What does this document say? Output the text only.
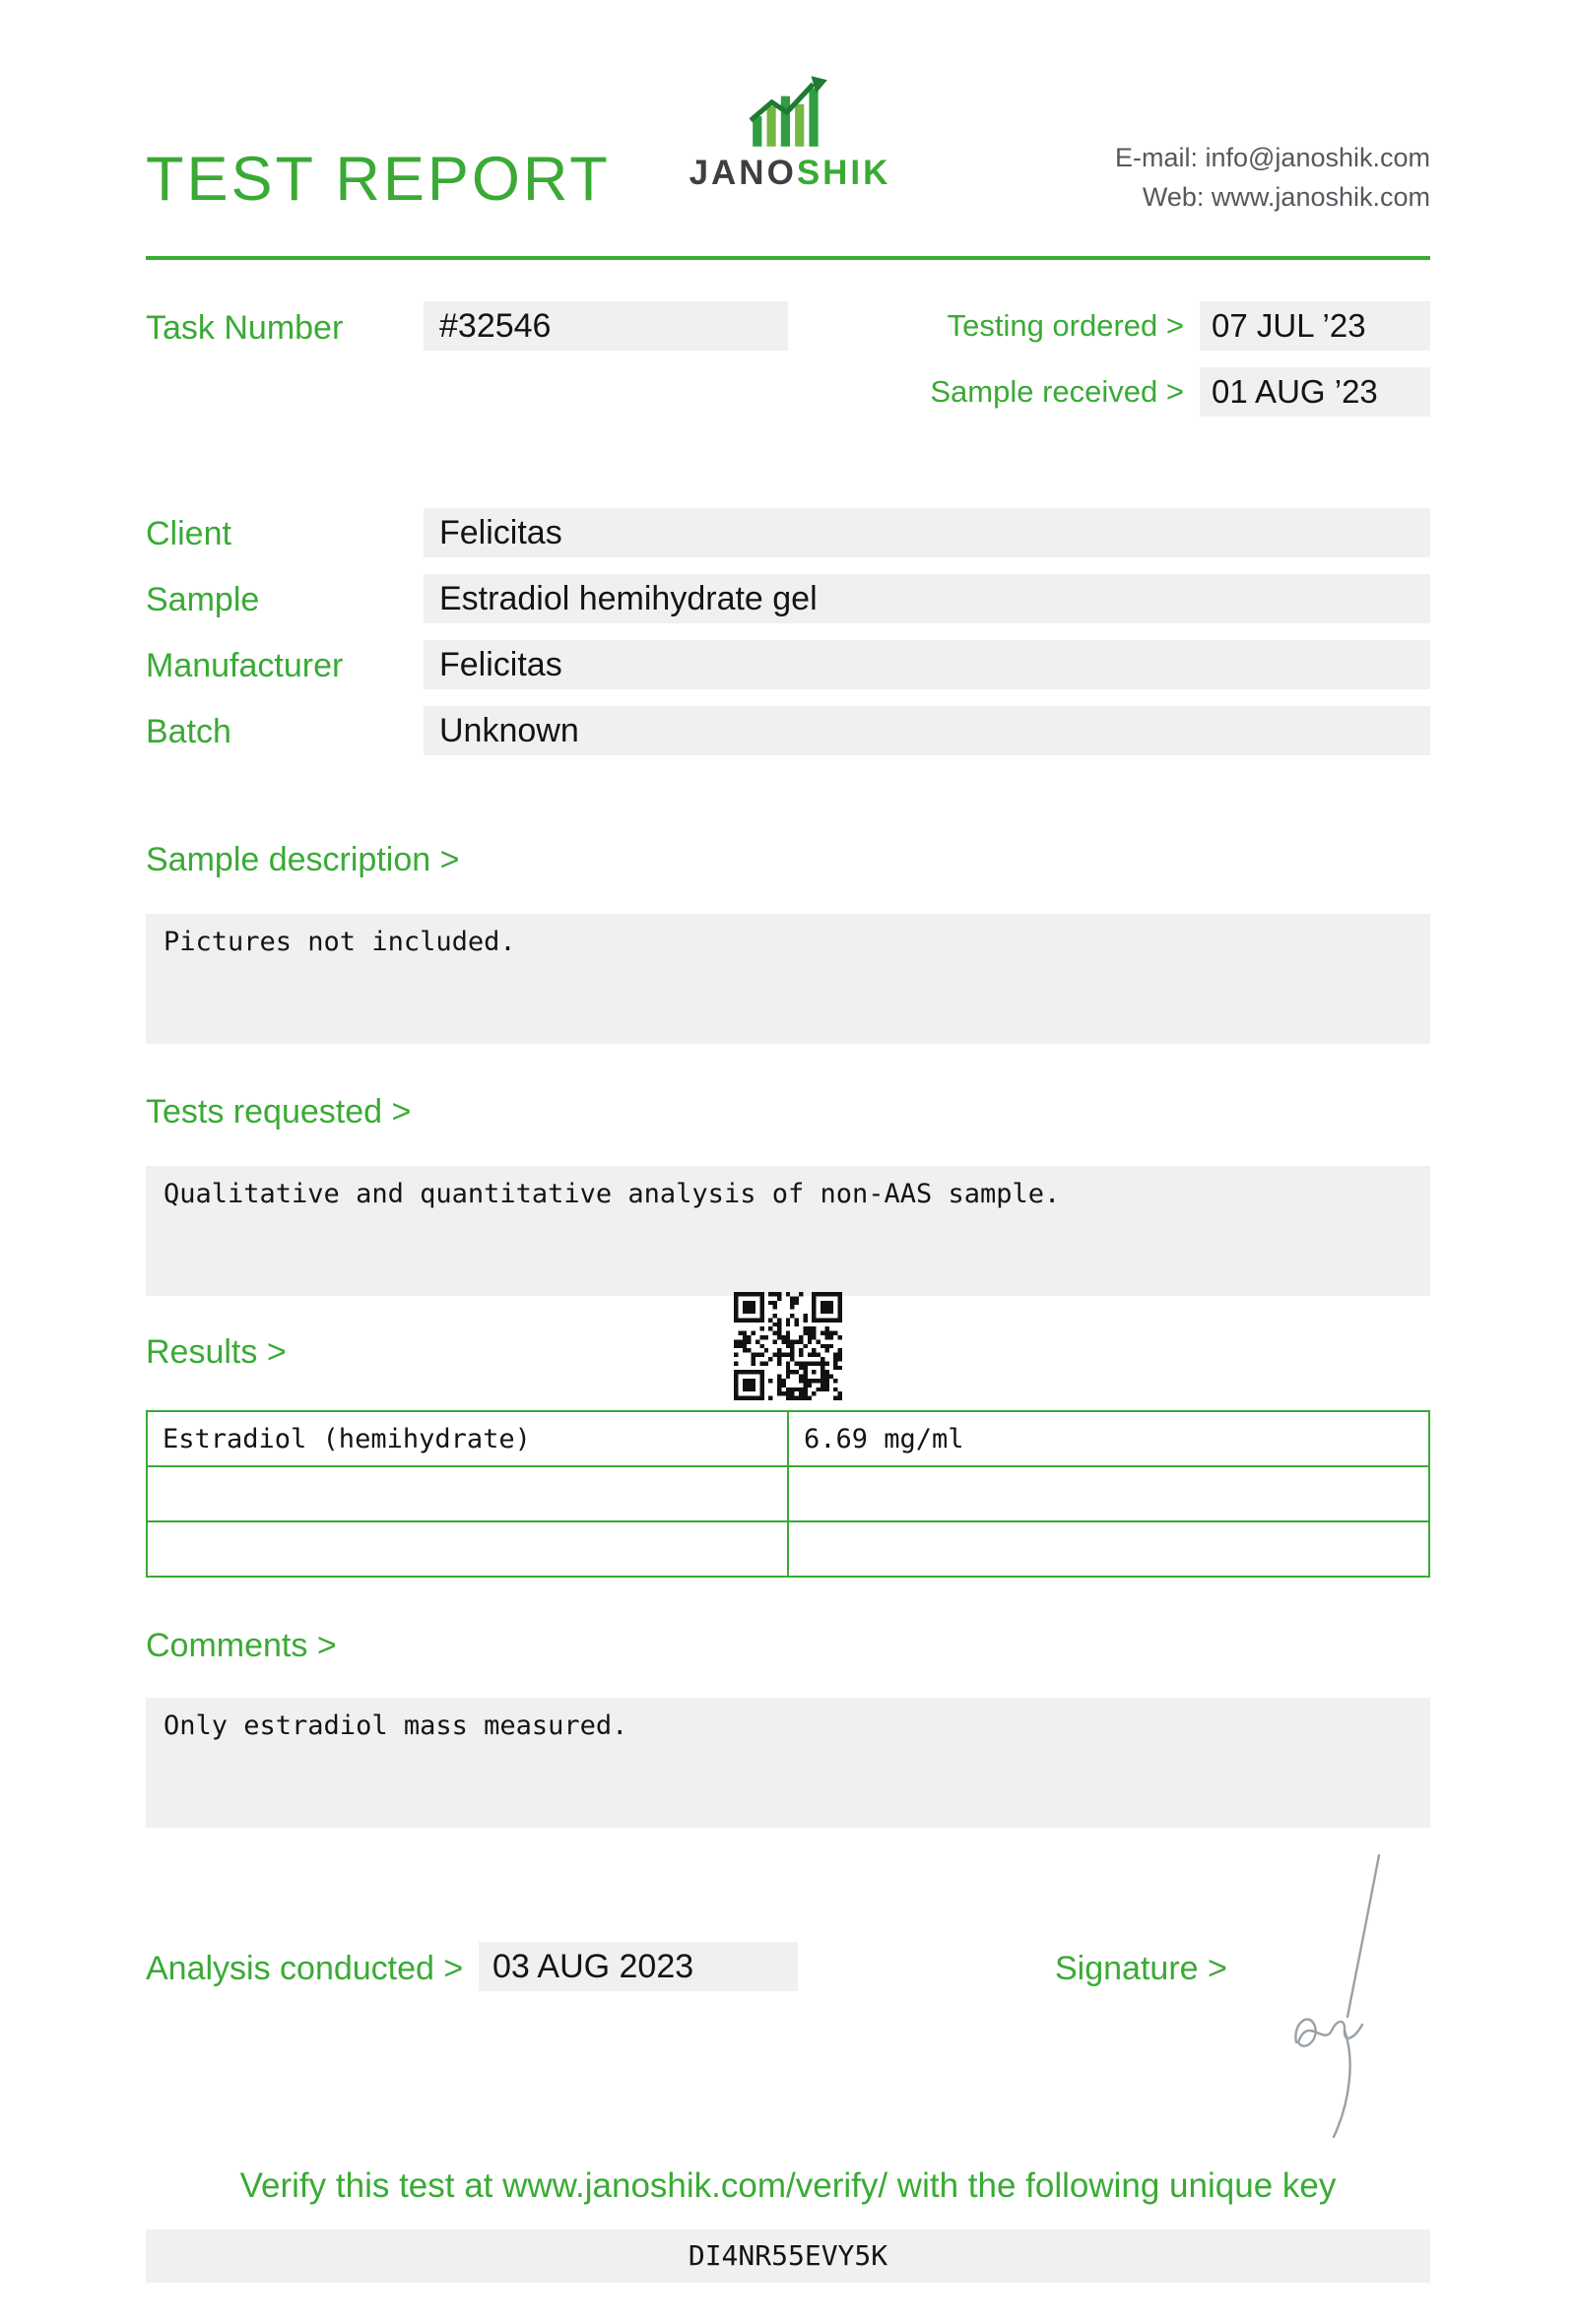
TEST REPORT	JANOSHIK	E-mail: info@janoshik.com
Web: www.janoshik.com
Task Number	#32546	Testing ordered > 07 JUL ’23
Sample received > 01 AUG ’23
Client	Felicitas
Sample	Estradiol hemihydrate gel
Manufacturer	Felicitas
Batch	Unknown
Sample description >
Pictures not included.
Tests requested >
Qualitative and quantitative analysis of non-AAS sample.
Results >
Estradiol (hemihydrate)	6.69 mg/ml

Comments >
Only estradiol mass measured.
Analysis conducted > 03 AUG 2023	Signature >
Verify this test at www.janoshik.com/verify/ with the following unique key
DI4NR55EVY5K
